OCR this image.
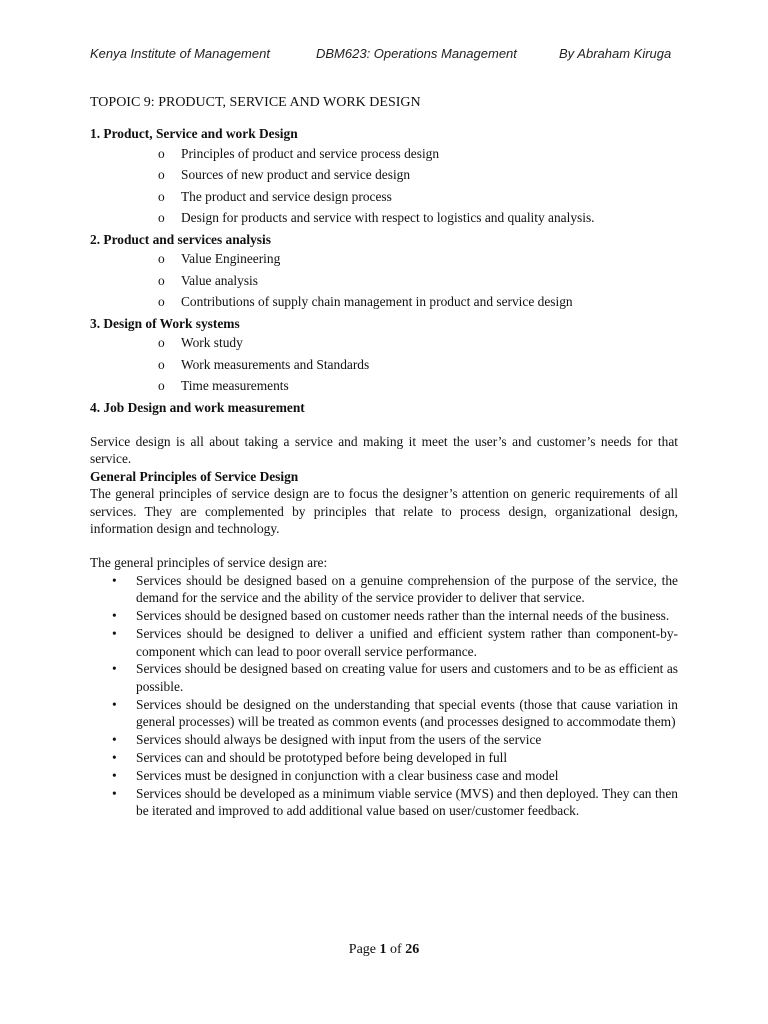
Kenya Institute of Management	DBM623: Operations Management	By Abraham Kiruga
TOPOIC 9: PRODUCT, SERVICE AND WORK DESIGN
1. Product, Service and work Design
o Principles of product and service process design
o Sources of new product and service design
o The product and service design process
o Design for products and service with respect to logistics and quality analysis.
2. Product and services analysis
o Value Engineering
o Value analysis
o Contributions of supply chain management in product and service design
3. Design of Work systems
o Work study
o Work measurements and Standards
o Time measurements
4. Job Design and work measurement

Service design is all about taking a service and making it meet the user’s and customer’s needs for that service.

General Principles of Service Design

The general principles of service design are to focus the designer’s attention on generic requirements of all services. They are complemented by principles that relate to process design, organizational design, information design and technology.

The general principles of service design are:
• Services should be designed based on a genuine comprehension of the purpose of the service, the demand for the service and the ability of the service provider to deliver that service.
• Services should be designed based on customer needs rather than the internal needs of the business.
• Services should be designed to deliver a unified and efficient system rather than component-by-component which can lead to poor overall service performance.
• Services should be designed based on creating value for users and customers and to be as efficient as possible.
• Services should be designed on the understanding that special events (those that cause variation in general processes) will be treated as common events (and processes designed to accommodate them)
• Services should always be designed with input from the users of the service
• Services can and should be prototyped before being developed in full
• Services must be designed in conjunction with a clear business case and model
• Services should be developed as a minimum viable service (MVS) and then deployed. They can then be iterated and improved to add additional value based on user/customer feedback.
Page 1 of 26
